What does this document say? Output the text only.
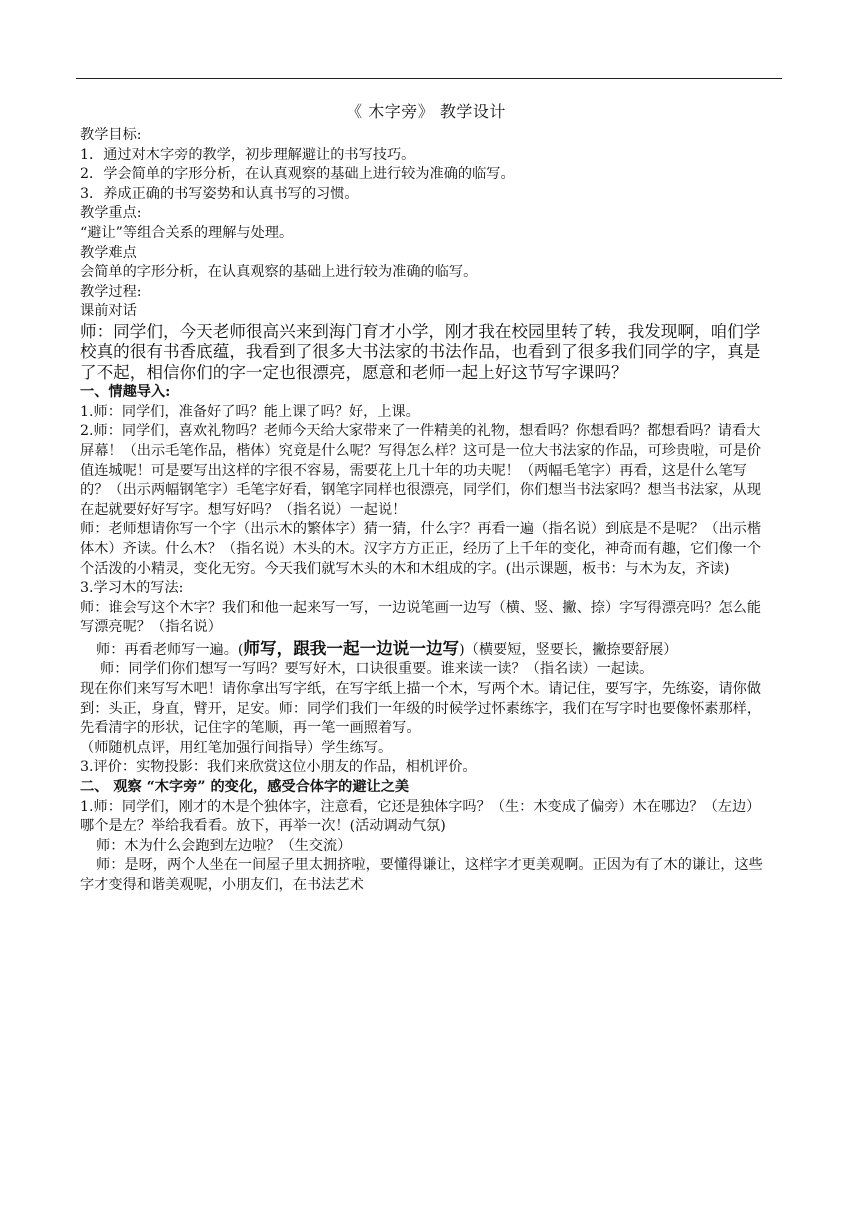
《 木字旁》 教学设计

教学目标:

1．通过对木字旁的教学，初步理解避让的书写技巧。

2．学会简单的字形分析，在认真观察的基础上进行较为准确的临写。

3．养成正确的书写姿势和认真书写的习惯。

教学重点:

“避让”等组合关系的理解与处理。

教学难点

会简单的字形分析，在认真观察的基础上进行较为准确的临写。

教学过程:

课前对话

师：同学们，今天老师很高兴来到海门育才小学，刚才我在校园里转了转，我发现啊，咱们学校真的很有书香底蕴，我看到了很多大书法家的书法作品，也看到了很多我们同学的字，真是了不起，相信你们的字一定也很漂亮，愿意和老师一起上好这节写字课吗？

一、情趣导入:

1.师：同学们，准备好了吗？能上课了吗？好，上课。

2.师：同学们，喜欢礼物吗？老师今天给大家带来了一件精美的礼物，想看吗？你想看吗？都想看吗？请看大屏幕！（出示毛笔作品，楷体）究竟是什么呢？写得怎么样？这可是一位大书法家的作品，可珍贵啦，可是价值连城呢！可是要写出这样的字很不容易，需要花上几十年的功夫呢！（两幅毛笔字）再看，这是什么笔写的？（出示两幅钢笔字）毛笔字好看，钢笔字同样也很漂亮，同学们，你们想当书法家吗？想当书法家，从现在起就要好好写字。想写好吗？（指名说）一起说！

师：老师想请你写一个字（出示木的繁体字）猜一猜，什么字？再看一遍（指名说）到底是不是呢？（出示楷体木）齐读。什么木？（指名说）木头的木。汉字方方正正，经历了上千年的变化，神奇而有趣，它们像一个个活泼的小精灵，变化无穷。今天我们就写木头的木和木组成的字。(出示课题，板书：与木为友，齐读)

3.学习木的写法:

师：谁会写这个木字？我们和他一起来写一写，一边说笔画一边写（横、竖、撇、捺）字写得漂亮吗？怎么能写漂亮呢？（指名说）

师：再看老师写一遍。(师写，跟我一起一边说一边写)（横要短，竖要长，撇捺要舒展）

师：同学们你们想写一写吗？要写好木，口诀很重要。谁来读一读？（指名读）一起读。

现在你们来写写木吧！请你拿出写字纸，在写字纸上描一个木，写两个木。请记住，要写字，先练姿，请你做到：头正，身直，臂开，足安。师：同学们我们一年级的时候学过怀素练字，我们在写字时也要像怀素那样，先看清字的形状，记住字的笔顺，再一笔一画照着写。

（师随机点评，用红笔加强行间指导）学生练写。

3.评价：实物投影：我们来欣赏这位小朋友的作品，相机评价。

二、 观察 “木字旁” 的变化，感受合体字的避让之美

1.师：同学们，刚才的木是个独体字，注意看，它还是独体字吗？（生：木变成了偏旁）木在哪边？（左边）哪个是左？举给我看看。放下，再举一次！(活动调动气氛)

师：木为什么会跑到左边啦？（生交流）

师：是呀，两个人坐在一间屋子里太拥挤啦，要懂得谦让，这样字才更美观啊。正因为有了木的谦让，这些字才变得和谐美观呢，小朋友们，在书法艺术
